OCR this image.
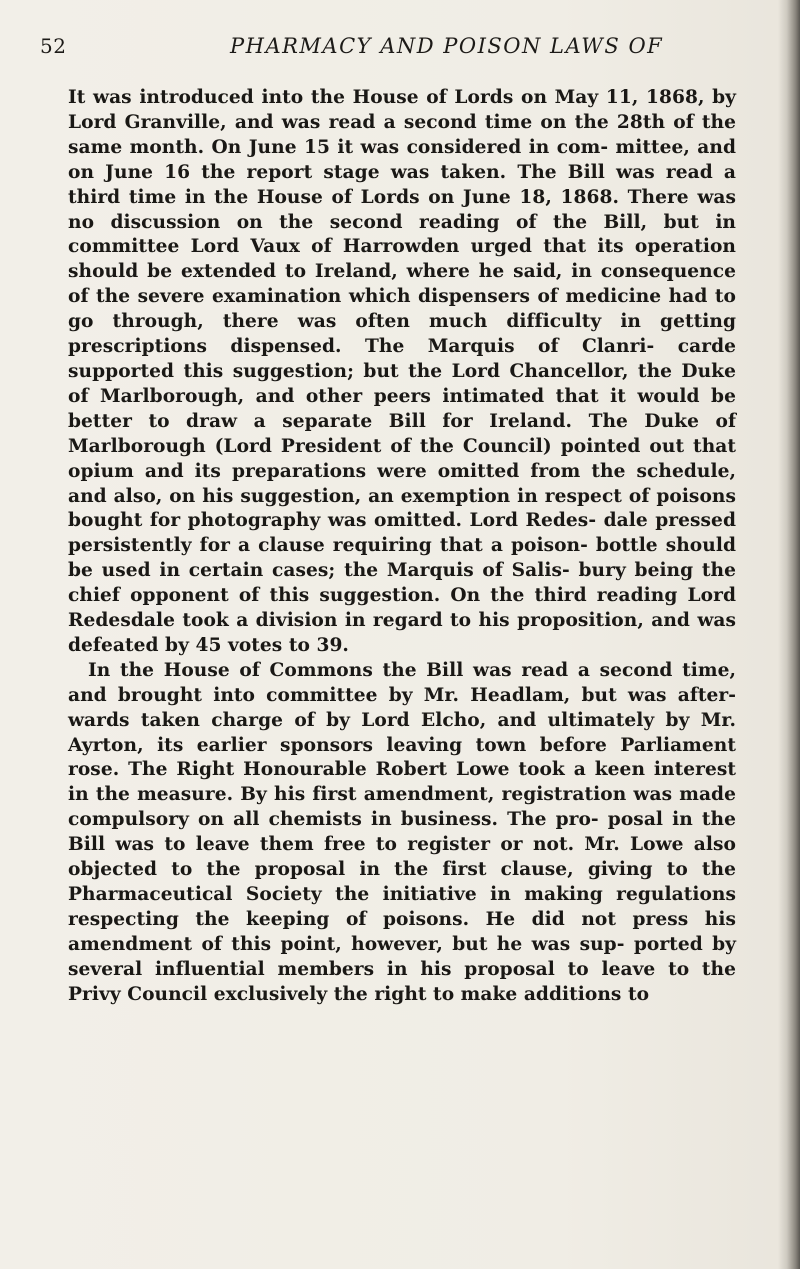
52	PHARMACY AND POISON LAWS OF

It was introduced into the House of Lords on May 11, 1868, by Lord Granville, and was read a second time on the 28th of the same month. On June 15 it was considered in com- mittee, and on June 16 the report stage was taken. The Bill was read a third time in the House of Lords on June 18, 1868. There was no discussion on the second reading of the Bill, but in committee Lord Vaux of Harrowden urged that its operation should be extended to Ireland, where he said, in consequence of the severe examination which dispensers of medicine had to go through, there was often much difficulty in getting prescriptions dispensed. The Marquis of Clanri- carde supported this suggestion; but the Lord Chancellor, the Duke of Marlborough, and other peers intimated that it would be better to draw a separate Bill for Ireland. The Duke of Marlborough (Lord President of the Council) pointed out that opium and its preparations were omitted from the schedule, and also, on his suggestion, an exemption in respect of poisons bought for photography was omitted. Lord Redes- dale pressed persistently for a clause requiring that a poison- bottle should be used in certain cases; the Marquis of Salis- bury being the chief opponent of this suggestion. On the third reading Lord Redesdale took a division in regard to his proposition, and was defeated by 45 votes to 39.

In the House of Commons the Bill was read a second time, and brought into committee by Mr. Headlam, but was after- wards taken charge of by Lord Elcho, and ultimately by Mr. Ayrton, its earlier sponsors leaving town before Parliament rose. The Right Honourable Robert Lowe took a keen interest in the measure. By his first amendment, registration was made compulsory on all chemists in business. The pro- posal in the Bill was to leave them free to register or not. Mr. Lowe also objected to the proposal in the first clause, giving to the Pharmaceutical Society the initiative in making regulations respecting the keeping of poisons. He did not press his amendment of this point, however, but he was sup- ported by several influential members in his proposal to leave to the Privy Council exclusively the right to make additions to
